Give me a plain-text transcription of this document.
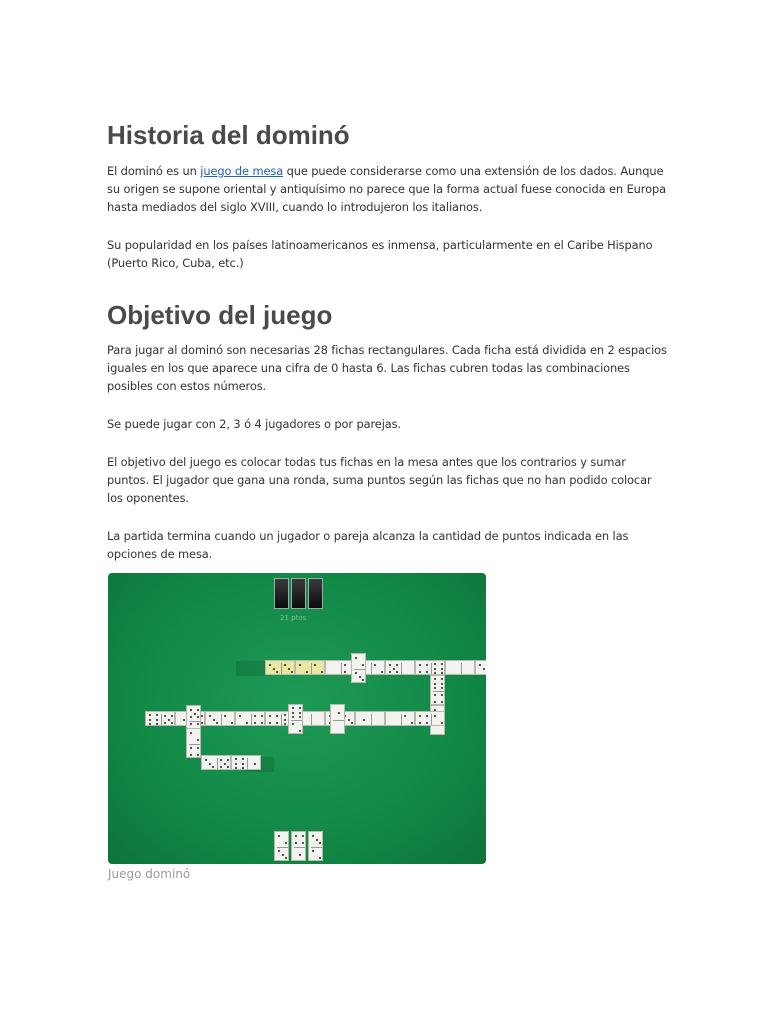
Historia del dominó

El dominó es un juego de mesa que puede considerarse como una extensión de los dados. Aunque su origen se supone oriental y antiquísimo no parece que la forma actual fuese conocida en Europa hasta mediados del siglo XVIII, cuando lo introdujeron los italianos.

Su popularidad en los países latinoamericanos es inmensa, particularmente en el Caribe Hispano (Puerto Rico, Cuba, etc.)

Objetivo del juego

Para jugar al dominó son necesarias 28 fichas rectangulares. Cada ficha está dividida en 2 espacios iguales en los que aparece una cifra de 0 hasta 6. Las fichas cubren todas las combinaciones posibles con estos números.

Se puede jugar con 2, 3 ó 4 jugadores o por parejas.

El objetivo del juego es colocar todas tus fichas en la mesa antes que los contrarios y sumar puntos. El jugador que gana una ronda, suma puntos según las fichas que no han podido colocar los oponentes.

La partida termina cuando un jugador o pareja alcanza la cantidad de puntos indicada en las opciones de mesa.

21 ptos
Juego dominó
